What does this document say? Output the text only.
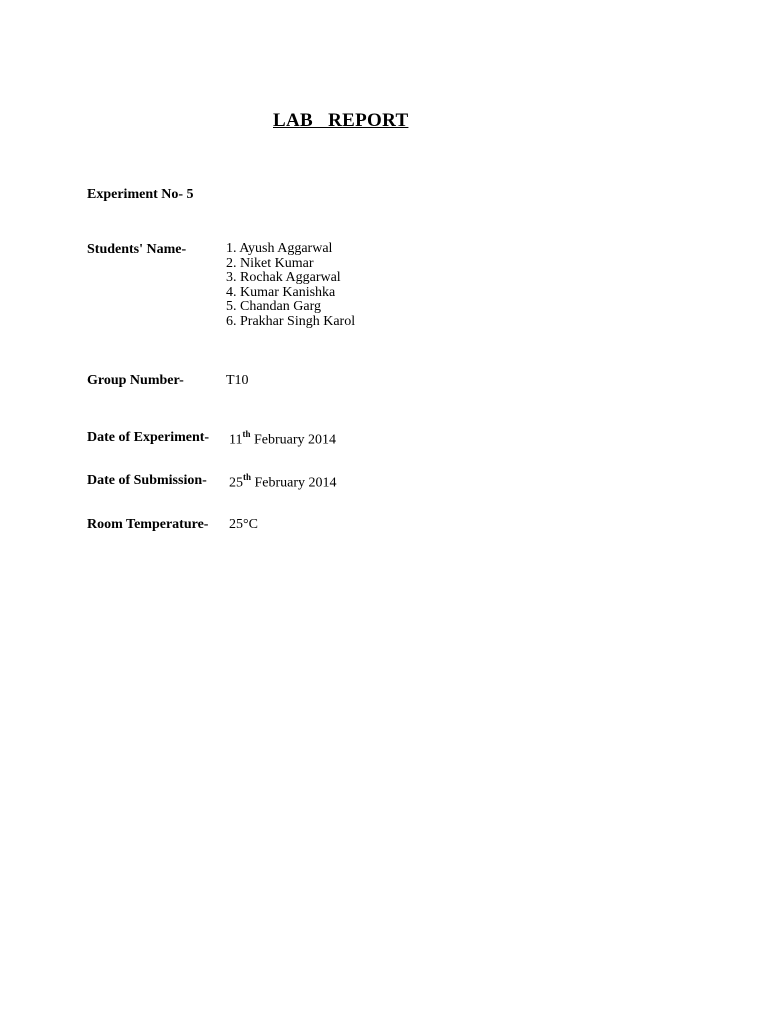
LAB   REPORT
Experiment No- 5
Students' Name-	1. Ayush Aggarwal
2. Niket Kumar
3. Rochak Aggarwal
4. Kumar Kanishka
5. Chandan Garg
6. Prakhar Singh Karol
Group Number-	T10
Date of Experiment- 11th February 2014
Date of Submission- 25th February 2014
Room Temperature- 25°C
